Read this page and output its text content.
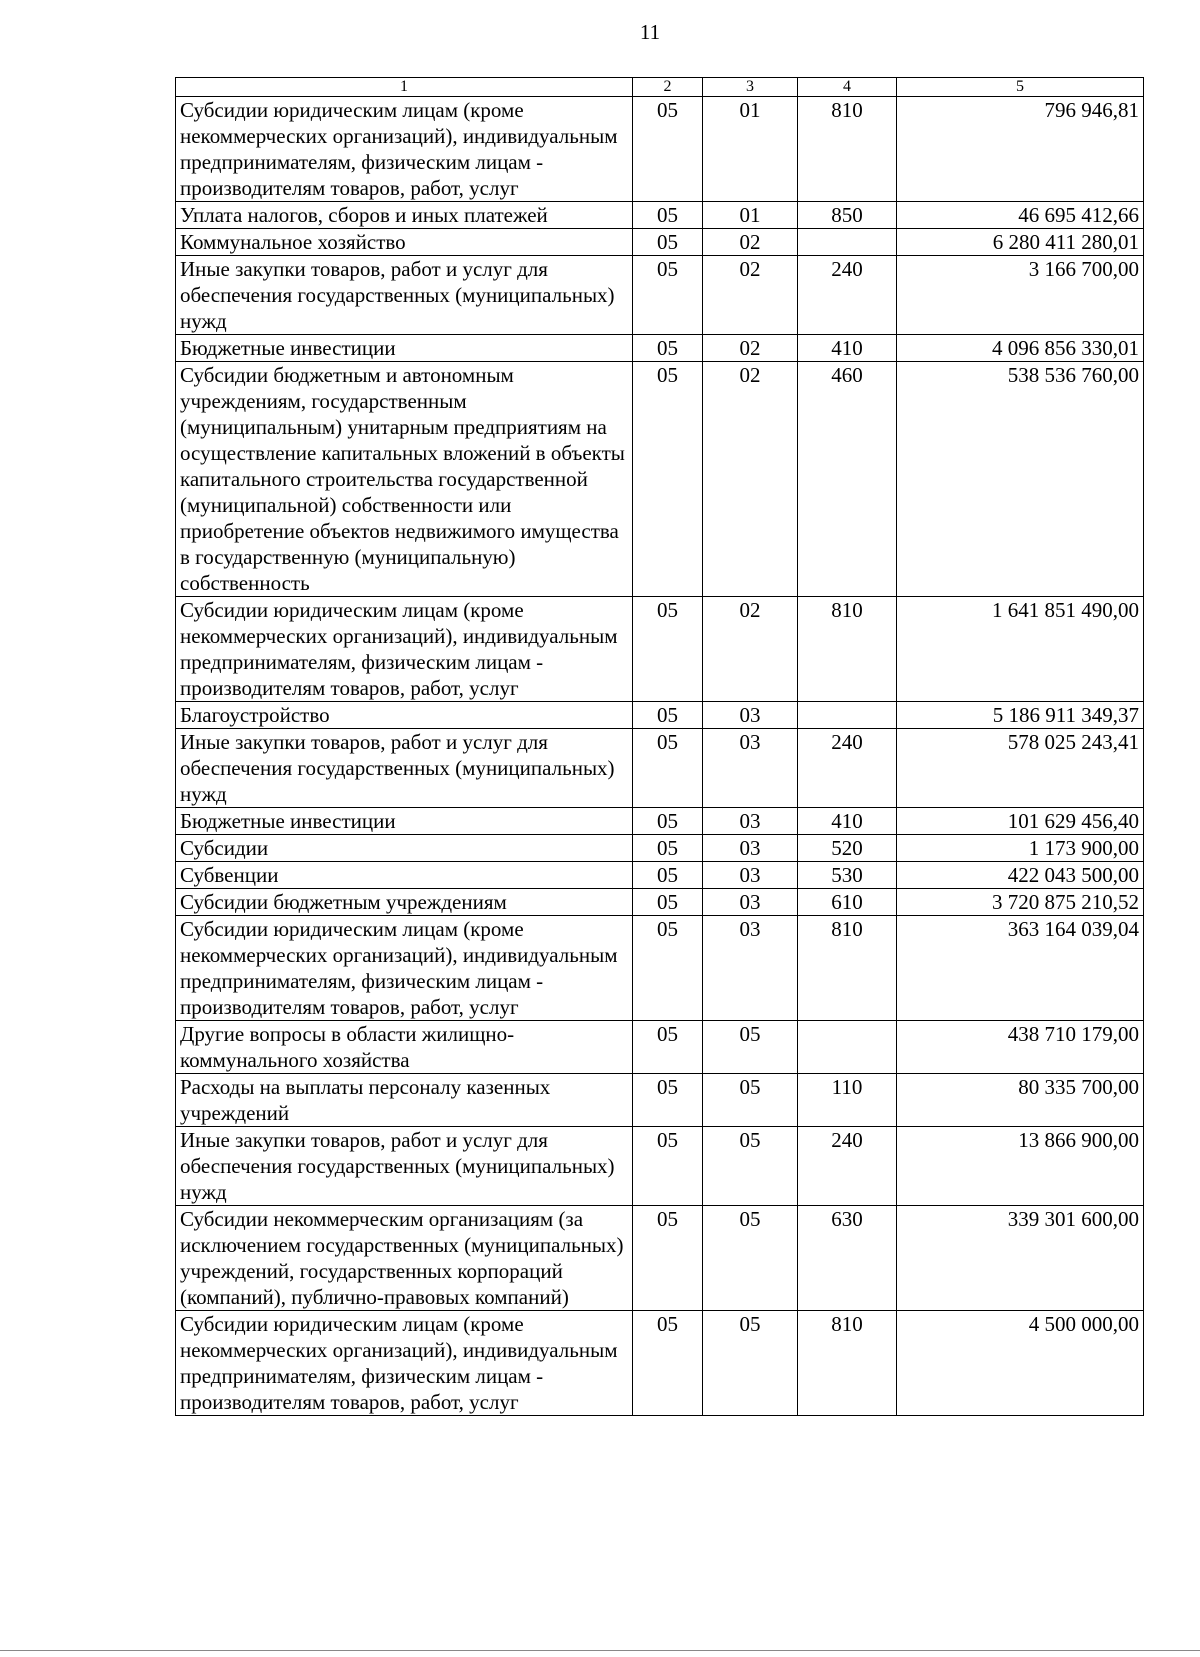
11
1	2	3	4	5
Субсидии юридическим лицам (кроме некоммерческих организаций), индивидуальным предпринимателям, физическим лицам - производителям товаров, работ, услуг	05	01	810	796 946,81
Уплата налогов, сборов и иных платежей	05	01	850	46 695 412,66
Коммунальное хозяйство	05	02		6 280 411 280,01
Иные закупки товаров, работ и услуг для обеспечения государственных (муниципальных) нужд	05	02	240	3 166 700,00
Бюджетные инвестиции	05	02	410	4 096 856 330,01
Субсидии бюджетным и автономным учреждениям, государственным (муниципальным) унитарным предприятиям на осуществление капитальных вложений в объекты капитального строительства государственной (муниципальной) собственности или приобретение объектов недвижимого имущества в государственную (муниципальную) собственность	05	02	460	538 536 760,00
Субсидии юридическим лицам (кроме некоммерческих организаций), индивидуальным предпринимателям, физическим лицам - производителям товаров, работ, услуг	05	02	810	1 641 851 490,00
Благоустройство	05	03		5 186 911 349,37
Иные закупки товаров, работ и услуг для обеспечения государственных (муниципальных) нужд	05	03	240	578 025 243,41
Бюджетные инвестиции	05	03	410	101 629 456,40
Субсидии	05	03	520	1 173 900,00
Субвенции	05	03	530	422 043 500,00
Субсидии бюджетным учреждениям	05	03	610	3 720 875 210,52
Субсидии юридическим лицам (кроме некоммерческих организаций), индивидуальным предпринимателям, физическим лицам - производителям товаров, работ, услуг	05	03	810	363 164 039,04
Другие вопросы в области жилищно-коммунального хозяйства	05	05		438 710 179,00
Расходы на выплаты персоналу казенных учреждений	05	05	110	80 335 700,00
Иные закупки товаров, работ и услуг для обеспечения государственных (муниципальных) нужд	05	05	240	13 866 900,00
Субсидии некоммерческим организациям (за исключением государственных (муниципальных) учреждений, государственных корпораций (компаний), публично-правовых компаний)	05	05	630	339 301 600,00
Субсидии юридическим лицам (кроме некоммерческих организаций), индивидуальным предпринимателям, физическим лицам - производителям товаров, работ, услуг	05	05	810	4 500 000,00
